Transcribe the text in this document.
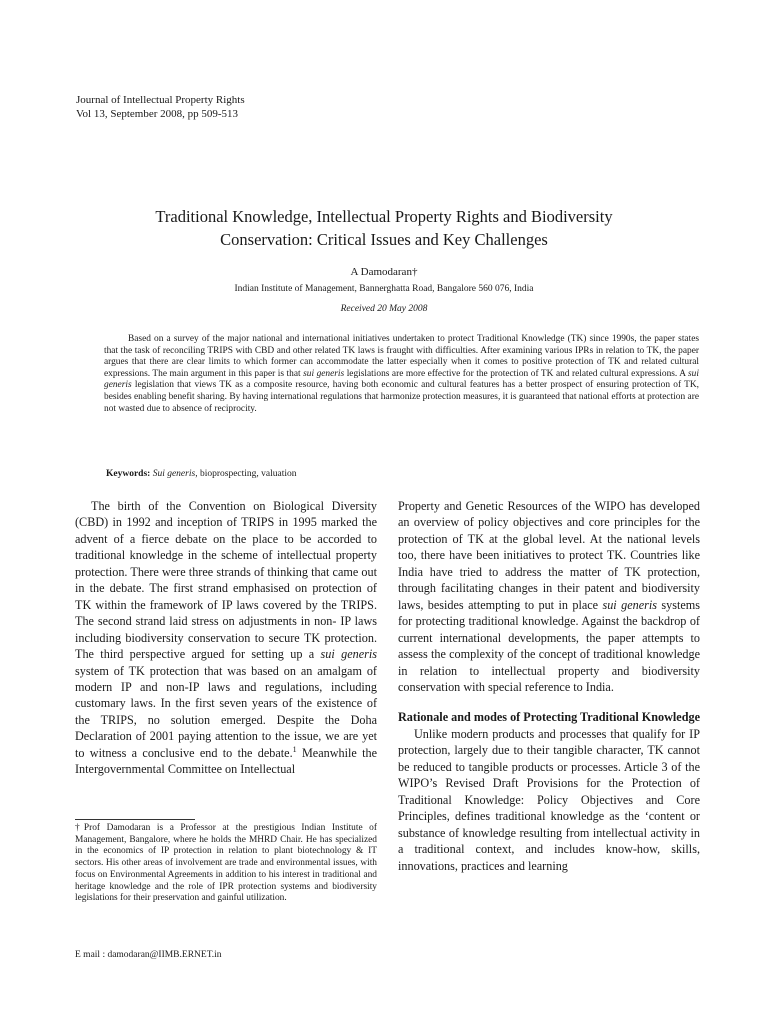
Journal of Intellectual Property Rights
Vol 13, September 2008, pp 509-513
Traditional Knowledge, Intellectual Property Rights and Biodiversity
Conservation: Critical Issues and Key Challenges
A Damodaran†
Indian Institute of Management, Bannerghatta Road, Bangalore 560 076, India
Received 20 May 2008
Based on a survey of the major national and international initiatives undertaken to protect Traditional Knowledge (TK) since 1990s, the paper states that the task of reconciling TRIPS with CBD and other related TK laws is fraught with difficulties. After examining various IPRs in relation to TK, the paper argues that there are clear limits to which former can accommodate the latter especially when it comes to positive protection of TK and related cultural expressions. The main argument in this paper is that sui generis legislations are more effective for the protection of TK and related cultural expressions. A sui generis legislation that views TK as a composite resource, having both economic and cultural features has a better prospect of ensuring protection of TK, besides enabling benefit sharing. By having international regulations that harmonize protection measures, it is guaranteed that national efforts at protection are not wasted due to absence of reciprocity.
Keywords: Sui generis, bioprospecting, valuation

The birth of the Convention on Biological Diversity (CBD) in 1992 and inception of TRIPS in 1995 marked the advent of a fierce debate on the place to be accorded to traditional knowledge in the scheme of intellectual property protection. There were three strands of thinking that came out in the debate. The first strand emphasised on protection of TK within the framework of IP laws covered by the TRIPS. The second strand laid stress on adjustments in non- IP laws including biodiversity conservation to secure TK protection. The third perspective argued for setting up a sui generis system of TK protection that was based on an amalgam of modern IP and non-IP laws and regulations, including customary laws. In the first seven years of the existence of the TRIPS, no solution emerged. Despite the Doha Declaration of 2001 paying attention to the issue, we are yet to witness a conclusive end to the debate.$^1$ Meanwhile the Intergovernmental Committee on Intellectual

Property and Genetic Resources of the WIPO has developed an overview of policy objectives and core principles for the protection of TK at the global level. At the national levels too, there have been initiatives to protect TK. Countries like India have tried to address the matter of TK protection, through facilitating changes in their patent and biodiversity laws, besides attempting to put in place sui generis systems for protecting traditional knowledge. Against the backdrop of current international developments, the paper attempts to assess the complexity of the concept of traditional knowledge in relation to intellectual property and biodiversity conservation with special reference to India.

Rationale and modes of Protecting Traditional Knowledge

Unlike modern products and processes that qualify for IP protection, largely due to their tangible character, TK cannot be reduced to tangible products or processes. Article 3 of the WIPO’s Revised Draft Provisions for the Protection of Traditional Knowledge: Policy Objectives and Core Principles, defines traditional knowledge as the ‘content or substance of knowledge resulting from intellectual activity in a traditional context, and includes know-how, skills, innovations, practices and learning

†Prof Damodaran is a Professor at the prestigious Indian Institute of Management, Bangalore, where he holds the MHRD Chair. He has specialized in the economics of IP protection in relation to plant biotechnology & IT sectors. His other areas of involvement are trade and environmental issues, with focus on Environmental Agreements in addition to his interest in traditional and heritage knowledge and the role of IPR protection systems and biodiversity legislations for their preservation and gainful utilization.
E mail : damodaran@IIMB.ERNET.in
